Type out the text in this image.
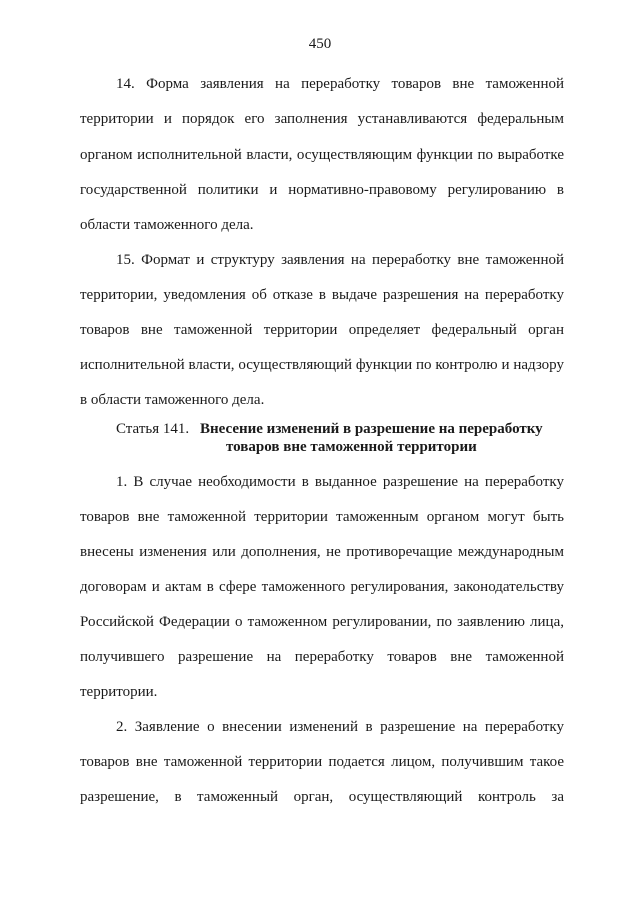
450
14. Форма заявления на переработку товаров вне таможенной
территории и порядок его заполнения устанавливаются федеральным
органом исполнительной власти, осуществляющим функции по выработке
государственной политики и нормативно-правовому регулированию в
области таможенного дела.
15. Формат и структуру заявления на переработку вне таможенной
территории, уведомления об отказе в выдаче разрешения на переработку
товаров вне таможенной территории определяет федеральный орган
исполнительной власти, осуществляющий функции по контролю и надзору
в области таможенного дела.
Статья 141. Внесение изменений в разрешение на переработку
товаров вне таможенной территории
1. В случае необходимости в выданное разрешение на переработку
товаров вне таможенной территории таможенным органом могут быть
внесены изменения или дополнения, не противоречащие международным
договорам и актам в сфере таможенного регулирования, законодательству
Российской Федерации о таможенном регулировании, по заявлению лица,
получившего разрешение на переработку товаров вне таможенной
территории.
2. Заявление о внесении изменений в разрешение на переработку
товаров вне таможенной территории подается лицом, получившим такое
разрешение, в таможенный орган, осуществляющий контроль за
